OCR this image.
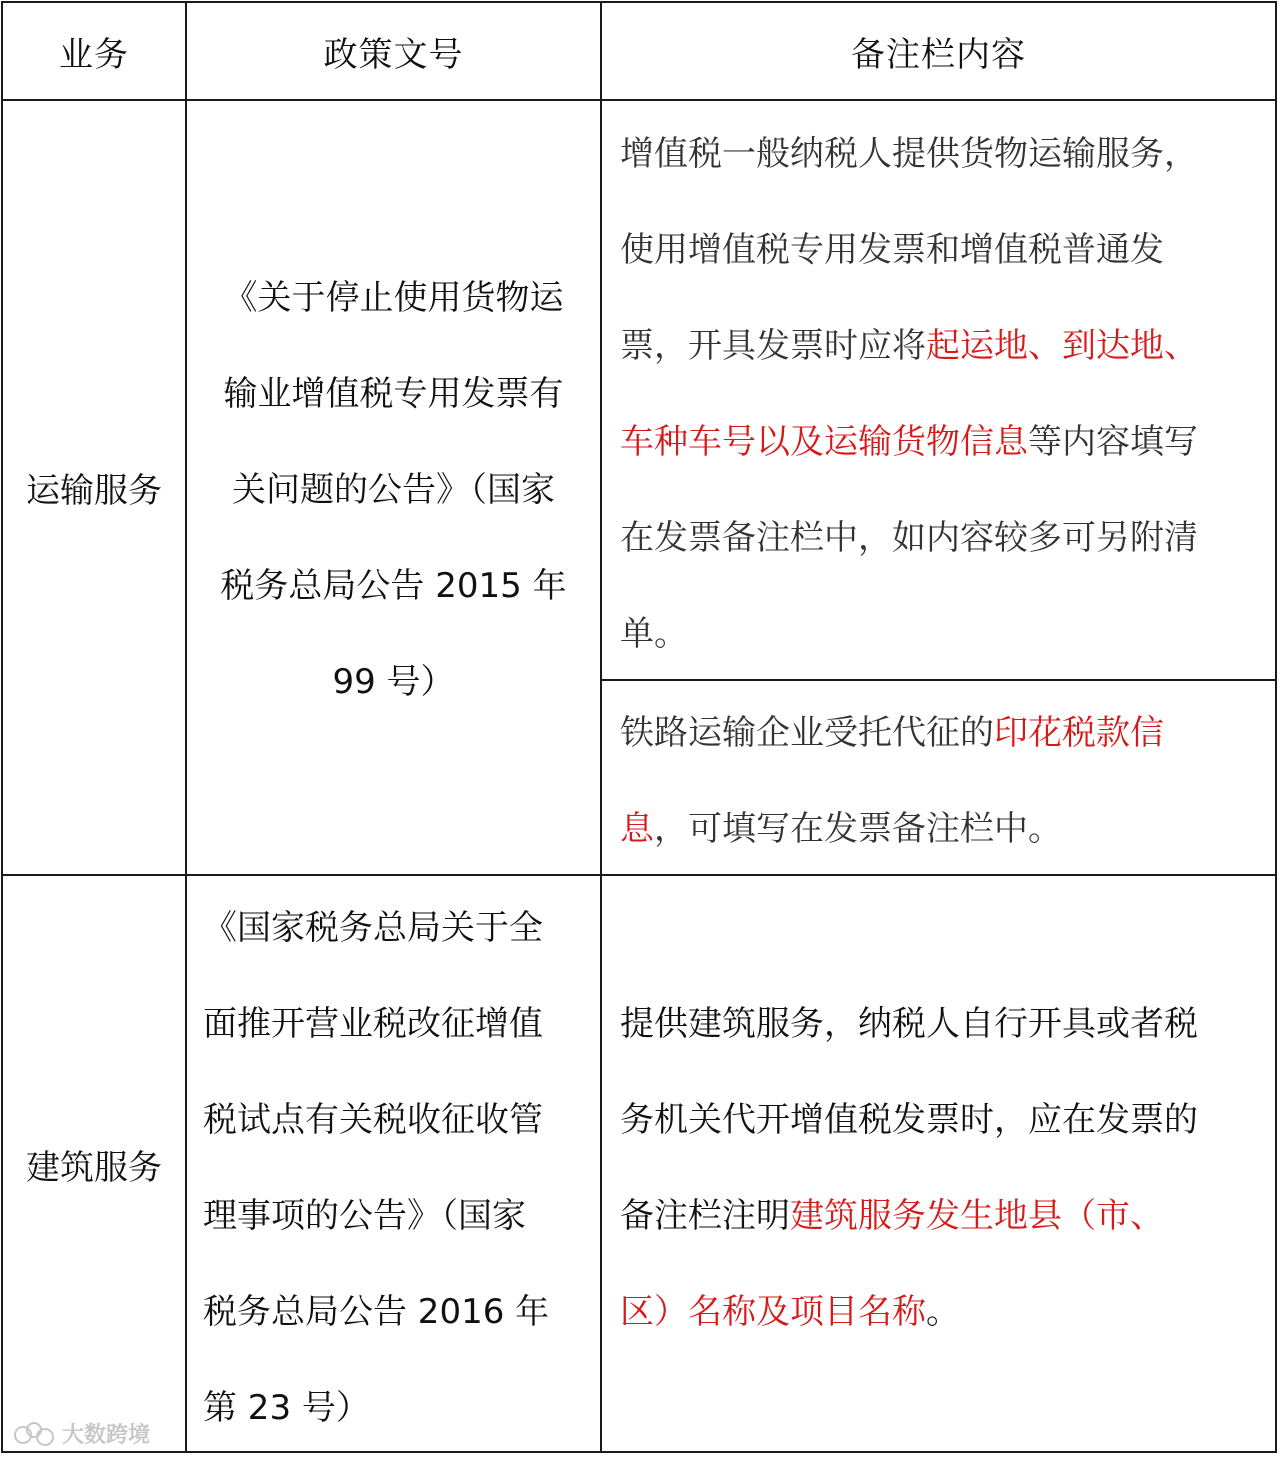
业务	政策文号	备注栏内容
运输服务
《关于停止使用货物运
输业增值税专用发票有
关问题的公告》（国家
税务总局公告 2015 年
99 号）
增值税一般纳税人提供货物运输服务，
使用增值税专用发票和增值税普通发
票，开具发票时应将起运地、到达地、
车种车号以及运输货物信息等内容填写
在发票备注栏中，如内容较多可另附清
单。
铁路运输企业受托代征的印花税款信
息，可填写在发票备注栏中。
建筑服务
《国家税务总局关于全
面推开营业税改征增值
税试点有关税收征收管
理事项的公告》（国家
税务总局公告 2016 年
第 23 号）
提供建筑服务，纳税人自行开具或者税
务机关代开增值税发票时，应在发票的
备注栏注明建筑服务发生地县（市、
区）名称及项目名称。
大数跨境
